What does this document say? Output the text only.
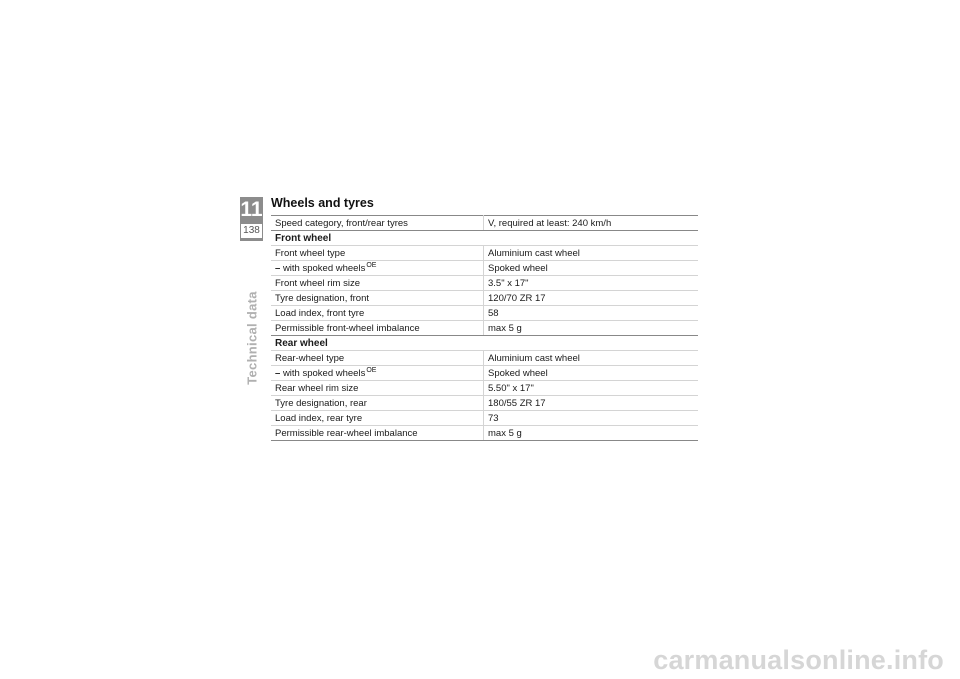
11
138
Technical data
Wheels and tyres
Speed category, front/rear tyres	V, required at least: 240 km/h
Front wheel	
Front wheel type	Aluminium cast wheel
– with spoked wheels$^{OE}$	Spoked wheel
Front wheel rim size	3.5" x 17"
Tyre designation, front	120/70 ZR 17
Load index, front tyre	58
Permissible front-wheel imbalance	max 5 g
Rear wheel	
Rear-wheel type	Aluminium cast wheel
– with spoked wheels$^{OE}$	Spoked wheel
Rear wheel rim size	5.50" x 17"
Tyre designation, rear	180/55 ZR 17
Load index, rear tyre	73
Permissible rear-wheel imbalance	max 5 g
carmanualsonline.info
